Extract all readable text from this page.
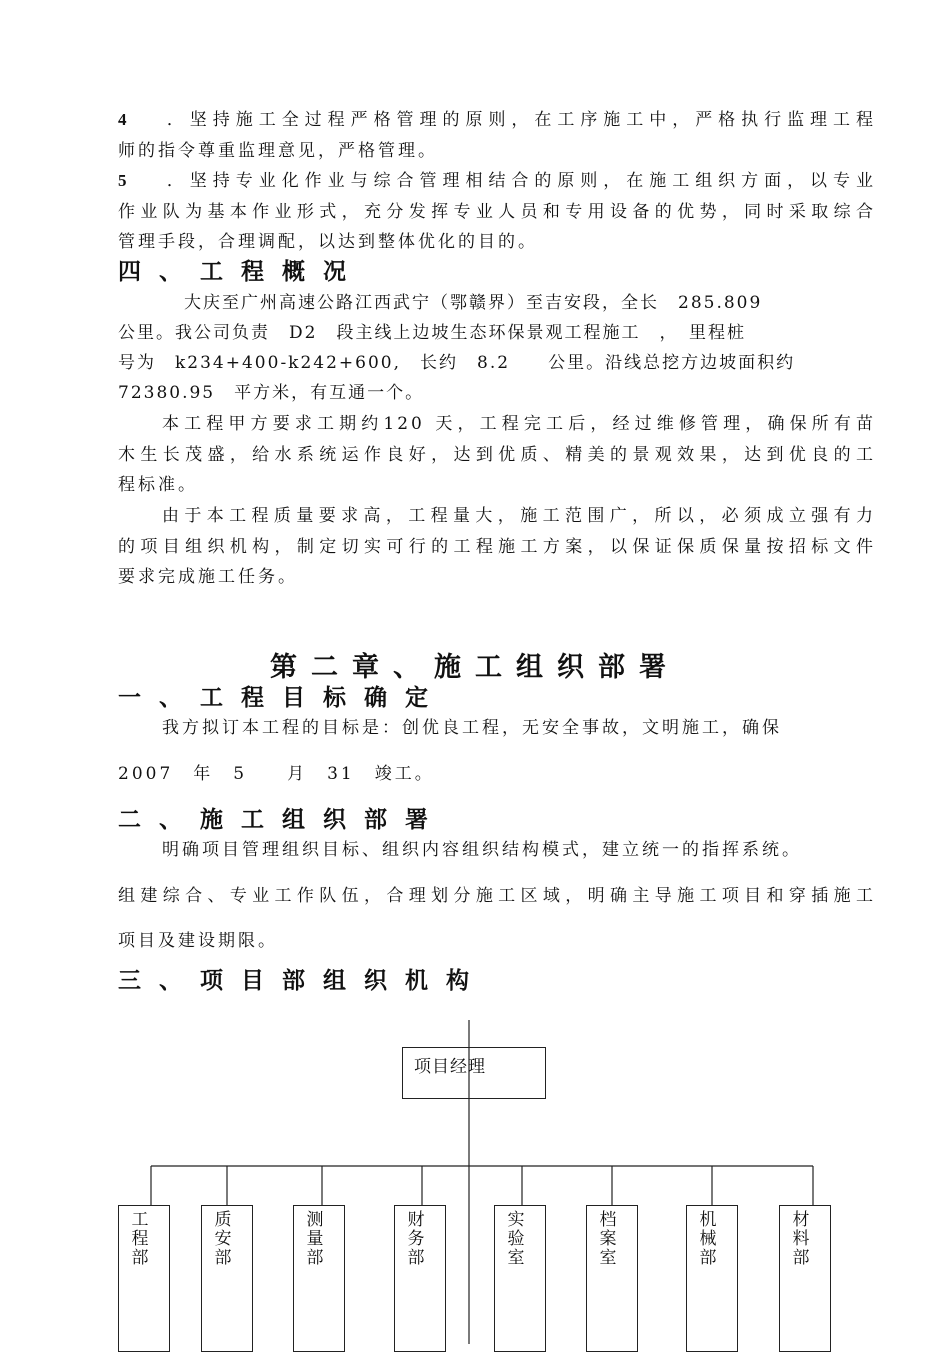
4　 ．坚持施工全过程严格管理的原则，在工序施工中，严格执行监理工程
师的指令尊重监理意见，严格管理。
5　 ．坚持专业化作业与综合管理相结合的原则，在施工组织方面，以专业
作业队为基本作业形式，充分发挥专业人员和专用设备的优势，同时采取综合
管理手段，合理调配，以达到整体优化的目的。
四、工程概况
大庆至广州高速公路江西武宁（鄂赣界）至吉安段，全长　285.809
公里。我公司负责　D2　段主线上边坡生态环保景观工程施工　，　里程桩
号为　k234+400-k242+600,　长约　8.2　　公里。沿线总挖方边坡面积约
72380.95　平方米，有互通一个。
本工程甲方要求工期约120 天，工程完工后，经过维修管理，确保所有苗
木生长茂盛，给水系统运作良好，达到优质、精美的景观效果，达到优良的工
程标准。
由于本工程质量要求高，工程量大，施工范围广，所以，必须成立强有力
的项目组织机构，制定切实可行的工程施工方案，以保证保质保量按招标文件
要求完成施工任务。
第二章、施工组织部署
一、工程目标确定
我方拟订本工程的目标是：创优良工程，无安全事故，文明施工，确保
2007　年　5　　月　31　竣工。
二、施工组织部署
明确项目管理组织目标、组织内容组织结构模式，建立统一的指挥系统。
组建综合、专业工作队伍，合理划分施工区域，明确主导施工项目和穿插施工
项目及建设期限。
三、项目部组织机构
项目经理
工程部
质安部
测量部
财务部
实验室
档案室
机械部
材料部
